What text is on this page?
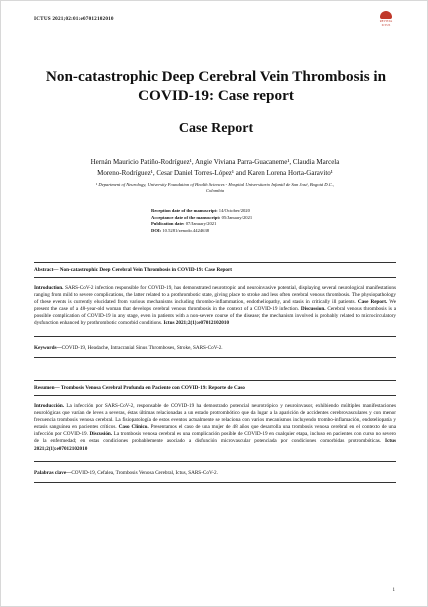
ICTUS 2021;02:01:e07012102010	REVISTA ICTUS
Non-catastrophic Deep Cerebral Vein Thrombosis in COVID-19: Case report
Case Report
Hernán Mauricio Patiño-Rodríguez¹, Angie Viviana Parra-Guacaneme¹, Claudia Marcela
Moreno-Rodríguez¹, Cesar Daniel Torres-López¹ and Karen Lorena Horta-Garavito¹
¹ Department of Neurology, University Foundation of Health Sciences - Hospital Universitario Infantil de San José, Bogotá D.C.,
Colombia
Reception date of the manuscript: 14/October/2020
Acceptance date of the manuscript: 05/January/2021
Publication date: 07/January/2021
DOI: 10.5281/zenodo.4424638
Abstract— Non-catastrophic Deep Cerebral Vein Thrombosis in COVID-19: Case Report
Introduction. SARS-CoV-2 infection responsible for COVID-19, has demonstrated neurotropic and neuroinvasive potential, displaying several neurological manifestations ranging from mild to severe complications, the latter related to a prothrombotic state, giving place to stroke and less often cerebral venous thrombosis. The physiopathology of these events is currently elucidated from various mechanisms including thrombo-inflammation, endotheliopathy, and stasis in critically ill patients. Case Report. We present the case of a 48-year-old woman that develops cerebral venous thrombosis in the context of a COVID-19 infection. Discussion. Cerebral venous thrombosis is a possible complication of COVID-19 in any stage, even in patients with a non-severe course of the disease; the mechanism involved is probably related to microcirculatory dysfunction enhanced by prothrombotic comorbid conditions. Ictus 2021;2(1):e07012102010
Keywords—COVID-19, Headache, Intracranial Sinus Thromboses, Stroke, SARS-CoV-2.
Resumen— Trombosis Venosa Cerebral Profunda en Paciente con COVID-19: Reporte de Caso
Introducción. La infección por SARS-CoV-2, responsable de COVID-19 ha demostrado potencial neurotrópico y neuroinvasor, exhibiendo múltiples manifestaciones neurológicas que varían de leves a severas, éstas últimas relacionadas a un estado protrombótico que da lugar a la aparición de accidentes cerebrovasculares y con menor frecuencia trombosis venosa cerebral. La fisiopatología de estos eventos actualmente se relaciona con varios mecanismos incluyendo trombo-inflamación, endoteliopatía y estasis sanguínea en pacientes críticos. Caso Clínico. Presentamos el caso de una mujer de 48 años que desarrolla una trombosis venosa cerebral en el contexto de una infección por COVID-19. Discusión. La trombosis venosa cerebral es una complicación posible de COVID-19 en cualquier etapa, incluso en pacientes con curso no severo de la enfermedad; en estas condiciones probablemente asociado a disfunción microvascular potenciada por condiciones comorbidas protrombóticas. Ictus 2021;2(1):e07012102010
Palabras clave—COVID-19, Cefalea, Trombosis Venosa Cerebral, Ictus, SARS-CoV-2.
1
